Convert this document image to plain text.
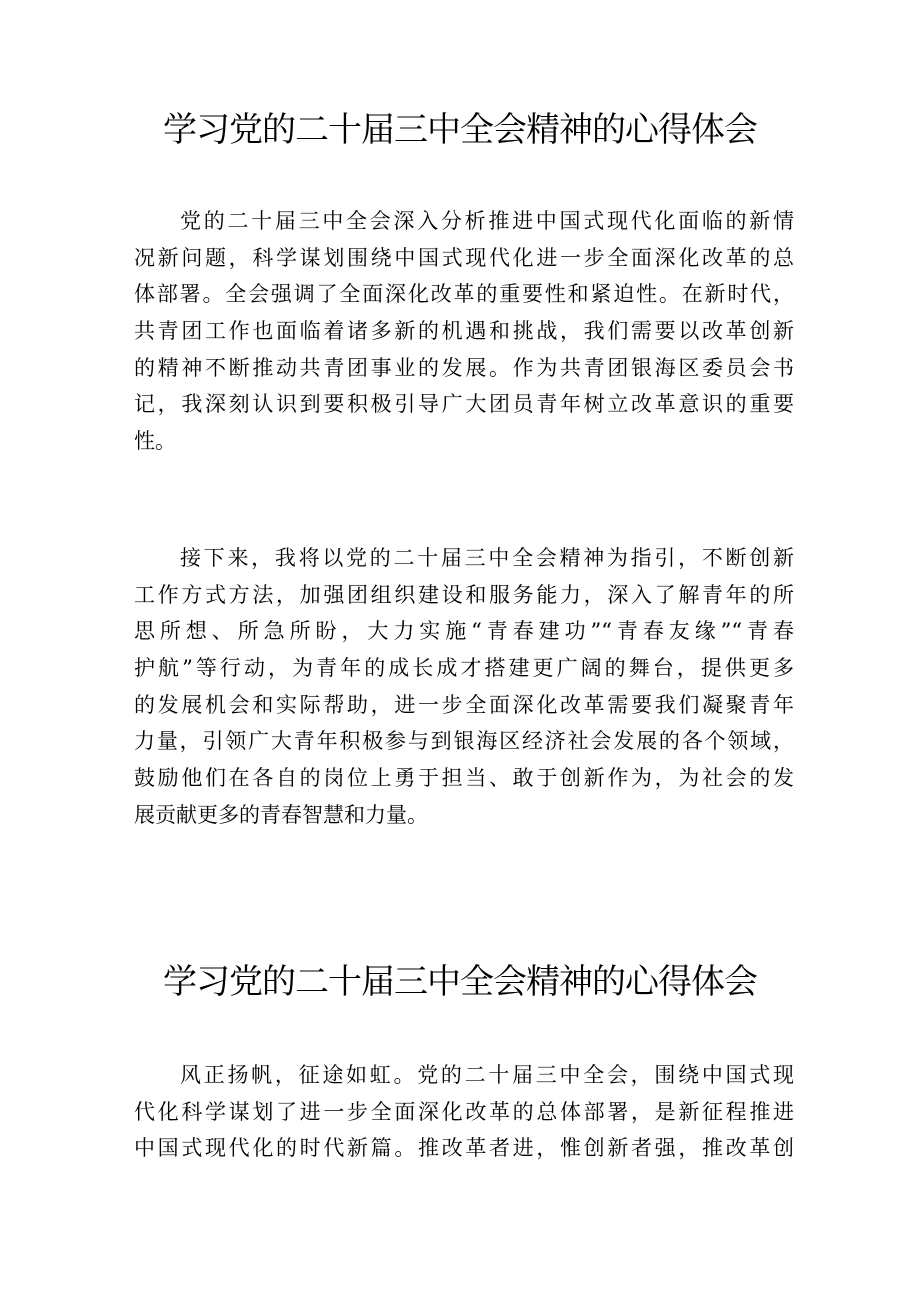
学习党的二十届三中全会精神的心得体会

党的二十届三中全会深入分析推进中国式现代化面临的新情
况新问题，科学谋划围绕中国式现代化进一步全面深化改革的总
体部署。全会强调了全面深化改革的重要性和紧迫性。在新时代，
共青团工作也面临着诸多新的机遇和挑战，我们需要以改革创新
的精神不断推动共青团事业的发展。作为共青团银海区委员会书
记，我深刻认识到要积极引导广大团员青年树立改革意识的重要
性。

接下来，我将以党的二十届三中全会精神为指引，不断创新
工作方式方法，加强团组织建设和服务能力，深入了解青年的所
思所想、所急所盼，大力实施“青春建功”“青春友缘”“青春
护航”等行动，为青年的成长成才搭建更广阔的舞台，提供更多
的发展机会和实际帮助，进一步全面深化改革需要我们凝聚青年
力量，引领广大青年积极参与到银海区经济社会发展的各个领域，
鼓励他们在各自的岗位上勇于担当、敢于创新作为，为社会的发
展贡献更多的青春智慧和力量。

学习党的二十届三中全会精神的心得体会

风正扬帆，征途如虹。党的二十届三中全会，围绕中国式现
代化科学谋划了进一步全面深化改革的总体部署，是新征程推进
中国式现代化的时代新篇。推改革者进，惟创新者强，推改革创
